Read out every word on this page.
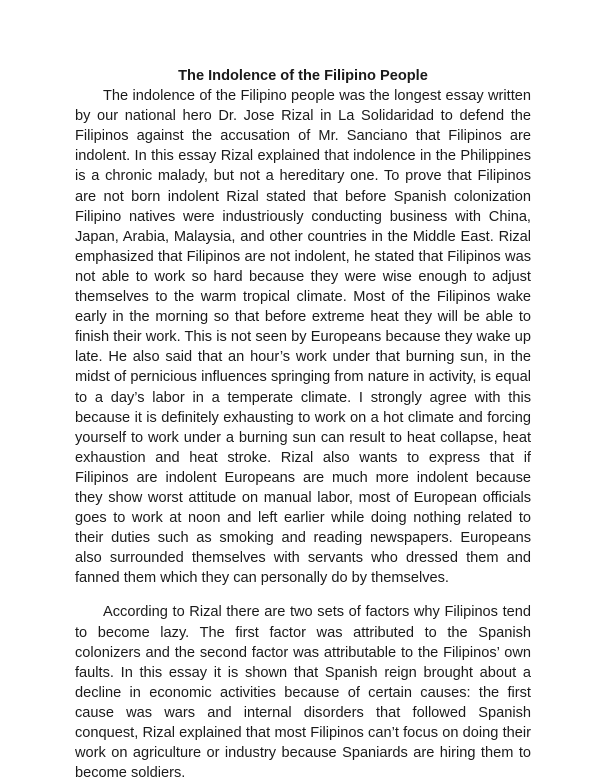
The Indolence of the Filipino People

The indolence of the Filipino people was the longest essay written by our national hero Dr. Jose Rizal in La Solidaridad to defend the Filipinos against the accusation of Mr. Sanciano that Filipinos are indolent. In this essay Rizal explained that indolence in the Philippines is a chronic malady, but not a hereditary one. To prove that Filipinos are not born indolent Rizal stated that before Spanish colonization Filipino natives were industriously conducting business with China, Japan, Arabia, Malaysia, and other countries in the Middle East. Rizal emphasized that Filipinos are not indolent, he stated that Filipinos was not able to work so hard because they were wise enough to adjust themselves to the warm tropical climate. Most of the Filipinos wake early in the morning so that before extreme heat they will be able to finish their work. This is not seen by Europeans because they wake up late. He also said that an hour’s work under that burning sun, in the midst of pernicious influences springing from nature in activity, is equal to a day’s labor in a temperate climate. I strongly agree with this because it is definitely exhausting to work on a hot climate and forcing yourself to work under a burning sun can result to heat collapse, heat exhaustion and heat stroke. Rizal also wants to express that if Filipinos are indolent Europeans are much more indolent because they show worst attitude on manual labor, most of European officials goes to work at noon and left earlier while doing nothing related to their duties such as smoking and reading newspapers. Europeans also surrounded themselves with servants who dressed them and fanned them which they can personally do by themselves.

According to Rizal there are two sets of factors why Filipinos tend to become lazy. The first factor was attributed to the Spanish colonizers and the second factor was attributable to the Filipinos’ own faults. In this essay it is shown that Spanish reign brought about a decline in economic activities because of certain causes: the first cause was wars and internal disorders that followed Spanish conquest, Rizal explained that most Filipinos can’t focus on doing their work on agriculture or industry because Spaniards are hiring them to become soldiers.
